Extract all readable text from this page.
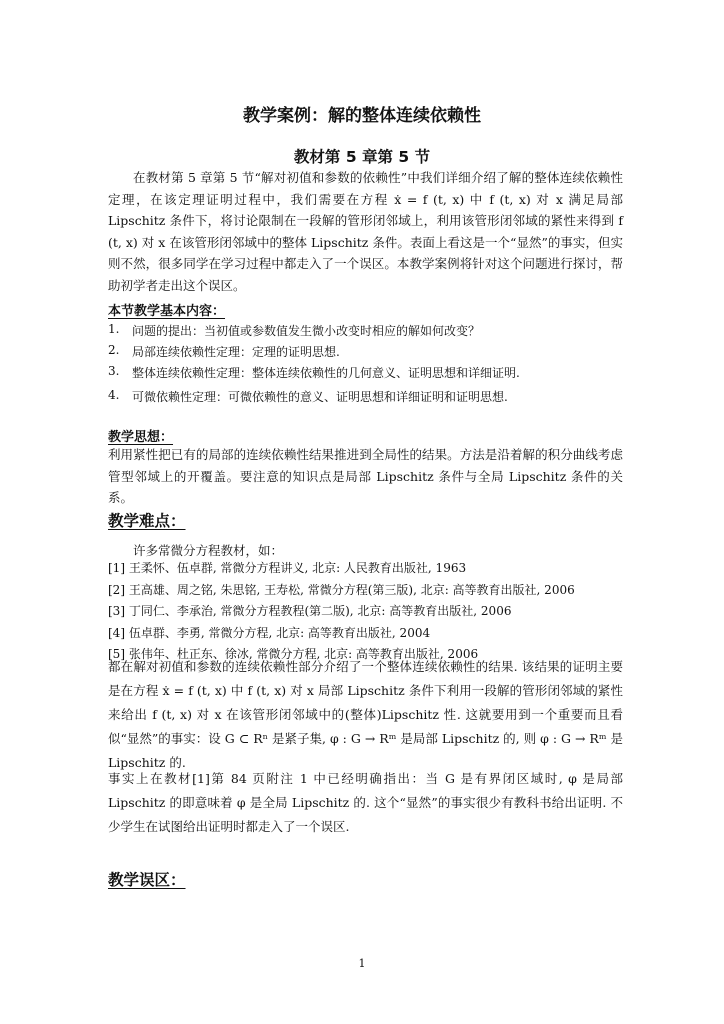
教学案例：解的整体连续依赖性
教材第 5 章第 5 节
在教材第 5 章第 5 节“解对初值和参数的依赖性”中我们详细介绍了解的整体连续依赖性定理，在该定理证明过程中，我们需要在方程 ẋ = f (t, x) 中 f (t, x) 对 x 满足局部 Lipschitz 条件下，将讨论限制在一段解的管形闭邻域上，利用该管形闭邻域的紧性来得到 f (t, x) 对 x 在该管形闭邻域中的整体 Lipschitz 条件。表面上看这是一个“显然”的事实，但实则不然，很多同学在学习过程中都走入了一个误区。本教学案例将针对这个问题进行探讨，帮助初学者走出这个误区。
本节教学基本内容：
1.	问题的提出：当初值或参数值发生微小改变时相应的解如何改变？
2.	局部连续依赖性定理：定理的证明思想.
3.	整体连续依赖性定理：整体连续依赖性的几何意义、证明思想和详细证明.
4.	可微依赖性定理：可微依赖性的意义、证明思想和详细证明和证明思想.
教学思想：
利用紧性把已有的局部的连续依赖性结果推进到全局性的结果。方法是沿着解的积分曲线考虑管型邻域上的开覆盖。要注意的知识点是局部 Lipschitz 条件与全局 Lipschitz 条件的关系。
教学难点：
许多常微分方程教材，如：
[1] 王柔怀、伍卓群, 常微分方程讲义, 北京: 人民教育出版社, 1963
[2] 王高雄、周之铭, 朱思铭, 王寿松, 常微分方程(第三版), 北京: 高等教育出版社, 2006
[3] 丁同仁、李承治, 常微分方程教程(第二版), 北京: 高等教育出版社, 2006
[4] 伍卓群、李勇, 常微分方程, 北京: 高等教育出版社, 2004
[5] 张伟年、杜正东、徐冰, 常微分方程, 北京: 高等教育出版社, 2006
都在解对初值和参数的连续依赖性部分介绍了一个整体连续依赖性的结果. 该结果的证明主要是在方程 ẋ = f (t, x) 中 f (t, x) 对 x 局部 Lipschitz 条件下利用一段解的管形闭邻域的紧性来给出 f (t, x) 对 x 在该管形闭邻域中的(整体)Lipschitz 性. 这就要用到一个重要而且看似“显然”的事实：设 G ⊂ Rⁿ 是紧子集, φ : G → Rᵐ 是局部 Lipschitz 的, 则 φ : G → Rᵐ 是 Lipschitz 的.
事实上在教材[1]第 84 页附注 1 中已经明确指出：当 G 是有界闭区域时, φ 是局部 Lipschitz 的即意味着 φ 是全局 Lipschitz 的. 这个“显然”的事实很少有教科书给出证明. 不少学生在试图给出证明时都走入了一个误区.
教学误区：
1
